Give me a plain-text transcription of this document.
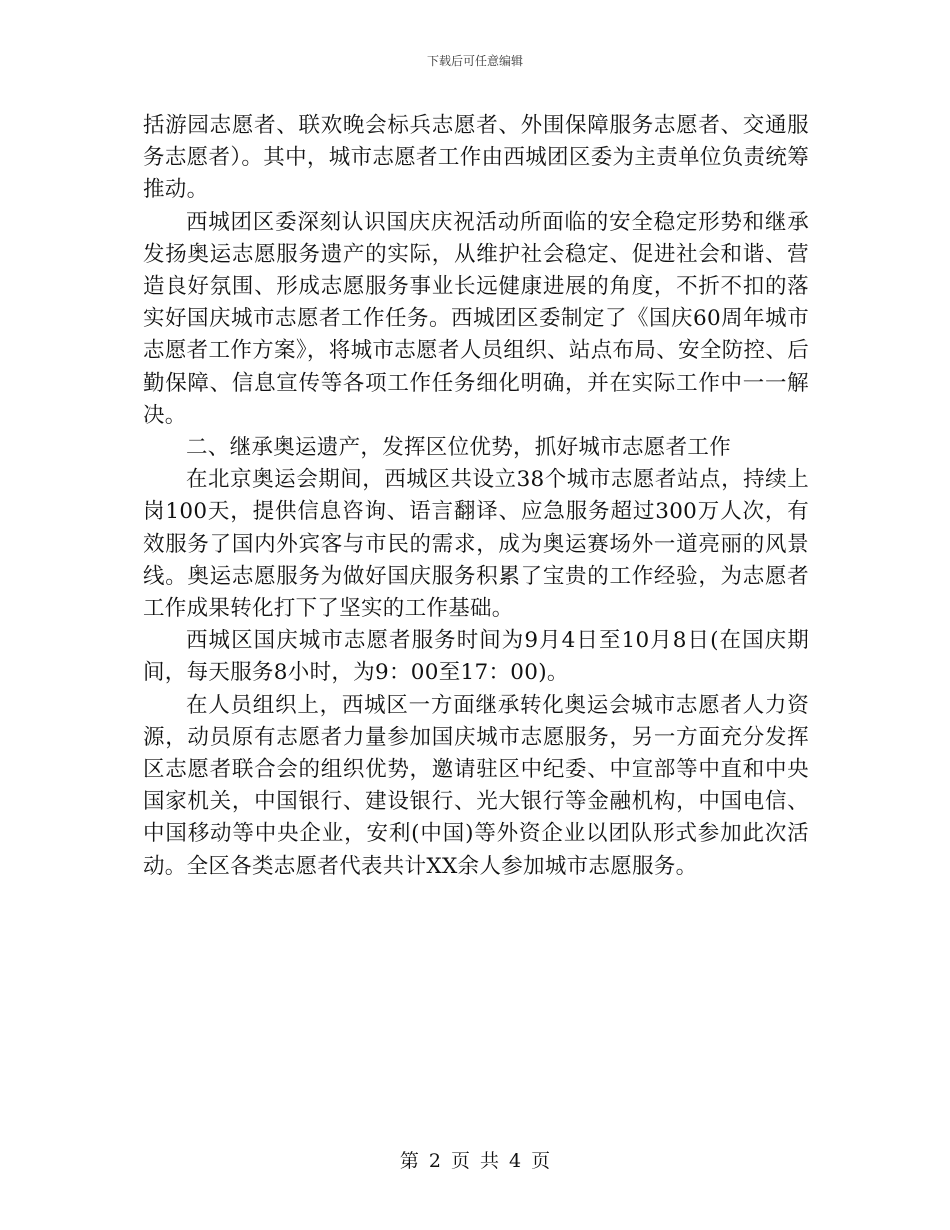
下载后可任意编辑

括游园志愿者、联欢晚会标兵志愿者、外围保障服务志愿者、交通服务志愿者）。其中，城市志愿者工作由西城团区委为主责单位负责统筹推动。

西城团区委深刻认识国庆庆祝活动所面临的安全稳定形势和继承发扬奥运志愿服务遗产的实际，从维护社会稳定、促进社会和谐、营造良好氛围、形成志愿服务事业长远健康进展的角度，不折不扣的落实好国庆城市志愿者工作任务。西城团区委制定了《国庆60周年城市志愿者工作方案》，将城市志愿者人员组织、站点布局、安全防控、后勤保障、信息宣传等各项工作任务细化明确，并在实际工作中一一解决。

二、继承奥运遗产，发挥区位优势，抓好城市志愿者工作

在北京奥运会期间，西城区共设立38个城市志愿者站点，持续上岗100天，提供信息咨询、语言翻译、应急服务超过300万人次，有效服务了国内外宾客与市民的需求，成为奥运赛场外一道亮丽的风景线。奥运志愿服务为做好国庆服务积累了宝贵的工作经验，为志愿者工作成果转化打下了坚实的工作基础。

西城区国庆城市志愿者服务时间为9月4日至10月8日(在国庆期间，每天服务8小时，为9：00至17：00)。

在人员组织上，西城区一方面继承转化奥运会城市志愿者人力资源，动员原有志愿者力量参加国庆城市志愿服务，另一方面充分发挥区志愿者联合会的组织优势，邀请驻区中纪委、中宣部等中直和中央国家机关，中国银行、建设银行、光大银行等金融机构，中国电信、中国移动等中央企业，安利(中国)等外资企业以团队形式参加此次活动。全区各类志愿者代表共计XX余人参加城市志愿服务。

第 2 页 共 4 页
